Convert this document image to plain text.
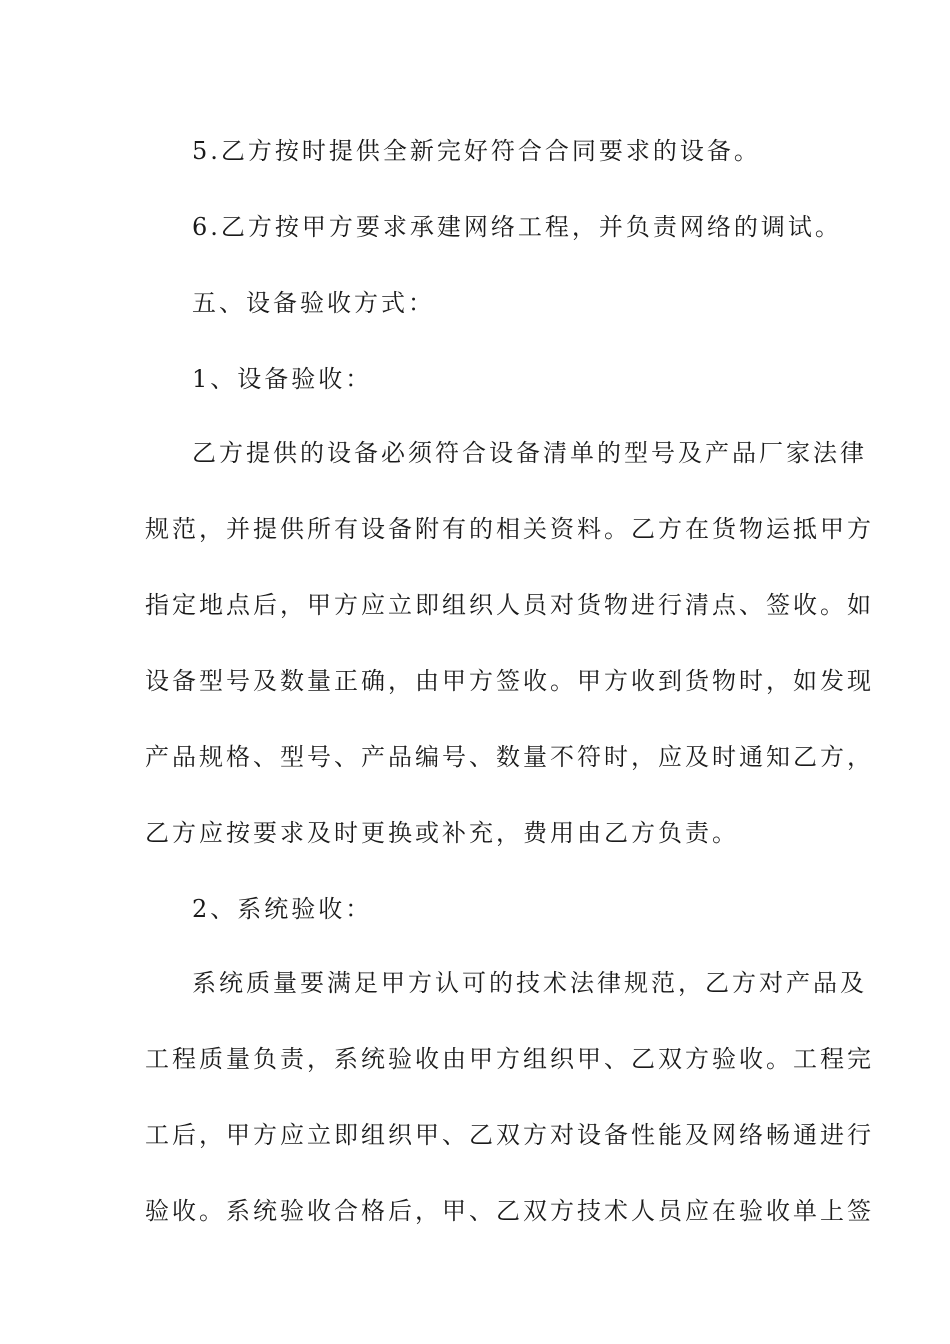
5.乙方按时提供全新完好符合合同要求的设备。
6.乙方按甲方要求承建网络工程，并负责网络的调试。
五、设备验收方式：
1、设备验收：
乙方提供的设备必须符合设备清单的型号及产品厂家法律
规范，并提供所有设备附有的相关资料。乙方在货物运抵甲方
指定地点后，甲方应立即组织人员对货物进行清点、签收。如
设备型号及数量正确，由甲方签收。甲方收到货物时，如发现
产品规格、型号、产品编号、数量不符时，应及时通知乙方，
乙方应按要求及时更换或补充，费用由乙方负责。
2、系统验收：
系统质量要满足甲方认可的技术法律规范，乙方对产品及
工程质量负责，系统验收由甲方组织甲、乙双方验收。工程完
工后，甲方应立即组织甲、乙双方对设备性能及网络畅通进行
验收。系统验收合格后，甲、乙双方技术人员应在验收单上签
